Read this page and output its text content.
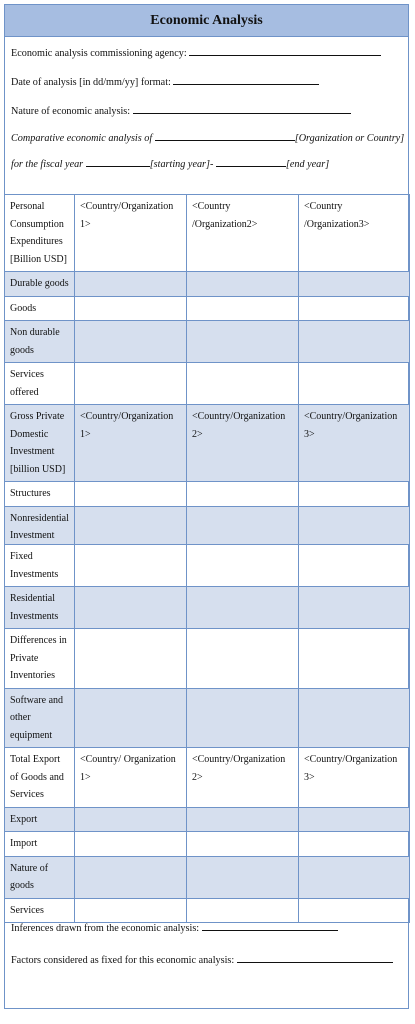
Economic Analysis
Economic analysis commissioning agency:
Date of analysis [in dd/mm/yy] format:
Nature of economic analysis:
Comparative economic analysis of	[Organization or Country]
for the fiscal year	[starting year]-	[end year]
Personal Consumption Expenditures [Billion USD]	<Country/Organization 1>	<Country /Organization2>	<Country /Organization3>
Durable goods			
Goods			
Non durable goods			
Services offered			
Gross Private Domestic Investment [billion USD]	<Country/Organization 1>	<Country/Organization 2>	<Country/Organization 3>
Structures			
Nonresidential Investment			
Fixed Investments			
Residential Investments			
Differences in Private Inventories			
Software and other equipment			
Total Export of Goods and Services	<Country/ Organization 1>	<Country/Organization 2>	<Country/Organization 3>
Export			
Import			
Nature of goods			
Services			
Inferences drawn from the economic analysis:
Factors considered as fixed for this economic analysis:
